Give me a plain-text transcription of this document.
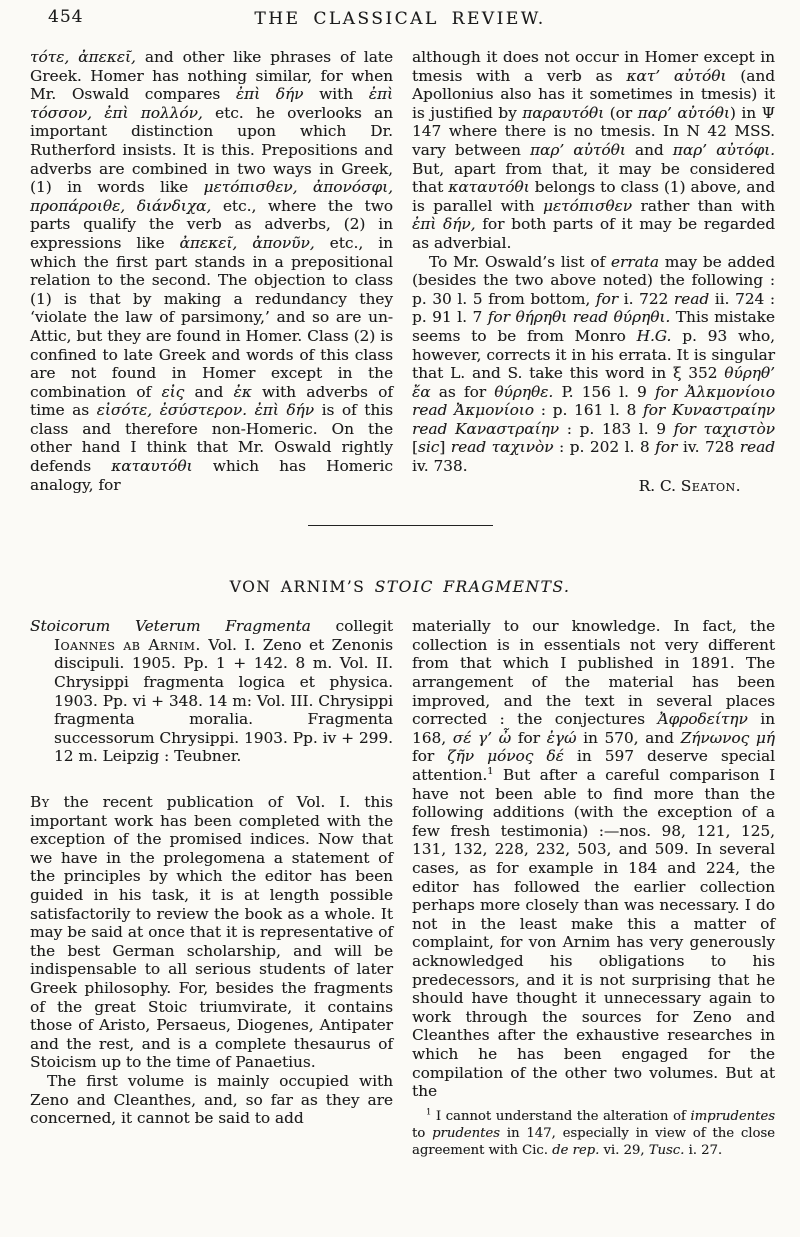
454	THE CLASSICAL REVIEW.

τότε, ἀπεκεῖ, and other like phrases of late Greek. Homer has nothing similar, for when Mr. Oswald compares ἐπὶ δήν with ἐπὶ τόσσον, ἐπὶ πολλόν, etc. he overlooks an important distinction upon which Dr. Rutherford insists. It is this. Prepositions and adverbs are combined in two ways in Greek, (1) in words like μετόπισθεν, ἀπονόσφι, προπάροιθε, διάνδιχα, etc., where the two parts qualify the verb as adverbs, (2) in expressions like ἀπεκεῖ, ἀπονῦν, etc., in which the first part stands in a prepositional relation to the second. The objection to class (1) is that by making a redundancy they ‘violate the law of parsimony,’ and so are un-Attic, but they are found in Homer. Class (2) is confined to late Greek and words of this class are not found in Homer except in the combination of εἰς and ἐκ with adverbs of time as εἰσότε, ἐσύστερον. ἐπὶ δήν is of this class and therefore non-Homeric. On the other hand I think that Mr. Oswald rightly defends καταυτόθι which has Homeric analogy, for

although it does not occur in Homer except in tmesis with a verb as κατ’ αὐτόθι (and Apollonius also has it sometimes in tmesis) it is justified by παραυτόθι (or παρ’ αὐτόθι) in Ψ 147 where there is no tmesis. In N 42 MSS. vary between παρ’ αὐτόθι and παρ’ αὐτόφι. But, apart from that, it may be considered that καταυτόθι belongs to class (1) above, and is parallel with μετόπισθεν rather than with ἐπὶ δήν, for both parts of it may be regarded as adverbial.

To Mr. Oswald’s list of errata may be added (besides the two above noted) the following : p. 30 l. 5 from bottom, for i. 722 read ii. 724 : p. 91 l. 7 for θήρηθι read θύρηθι. This mistake seems to be from Monro H.G. p. 93 who, however, corrects it in his errata. It is singular that L. and S. take this word in ξ 352 θύρηθ’ ἔα as for θύρηθε. P. 156 l. 9 for Ἀλκμονίοιο read Ἀκμονίοιο : p. 161 l. 8 for Κυναστραίην read Καναστραίην : p. 183 l. 9 for ταχιστὸν [sic] read ταχινὸν : p. 202 l. 8 for iv. 728 read iv. 738.

R. C. Seaton.

VON ARNIM’S STOIC FRAGMENTS.

Stoicorum Veterum Fragmenta collegit Ioannes ab Arnim. Vol. I. Zeno et Zenonis discipuli. 1905. Pp. 1 + 142. 8 m. Vol. II. Chrysippi fragmenta logica et physica. 1903. Pp. vi + 348. 14 m: Vol. III. Chrysippi fragmenta moralia. Fragmenta successorum Chrysippi. 1903. Pp. iv + 299. 12 m. Leipzig : Teubner.

By the recent publication of Vol. I. this important work has been completed with the exception of the promised indices. Now that we have in the prolegomena a statement of the principles by which the editor has been guided in his task, it is at length possible satisfactorily to review the book as a whole. It may be said at once that it is representative of the best German scholarship, and will be indispensable to all serious students of later Greek philosophy. For, besides the fragments of the great Stoic triumvirate, it contains those of Aristo, Persaeus, Diogenes, Antipater and the rest, and is a complete thesaurus of Stoicism up to the time of Panaetius.

The first volume is mainly occupied with Zeno and Cleanthes, and, so far as they are concerned, it cannot be said to add

materially to our knowledge. In fact, the collection is in essentials not very different from that which I published in 1891. The arrangement of the material has been improved, and the text in several places corrected : the conjectures Ἀφροδείτην in 168, σέ γ’ ὦ for ἐγώ in 570, and Ζήνωνος μή for ζῆν μόνος δέ in 597 deserve special attention.$^1$ But after a careful comparison I have not been able to find more than the following additions (with the exception of a few fresh testimonia) :—nos. 98, 121, 125, 131, 132, 228, 232, 503, and 509. In several cases, as for example in 184 and 224, the editor has followed the earlier collection perhaps more closely than was necessary. I do not in the least make this a matter of complaint, for von Arnim has very generously acknowledged his obligations to his predecessors, and it is not surprising that he should have thought it unnecessary again to work through the sources for Zeno and Cleanthes after the exhaustive researches in which he has been engaged for the compilation of the other two volumes. But at the

$^1$ I cannot understand the alteration of imprudentes to prudentes in 147, especially in view of the close agreement with Cic. de rep. vi. 29, Tusc. i. 27.
